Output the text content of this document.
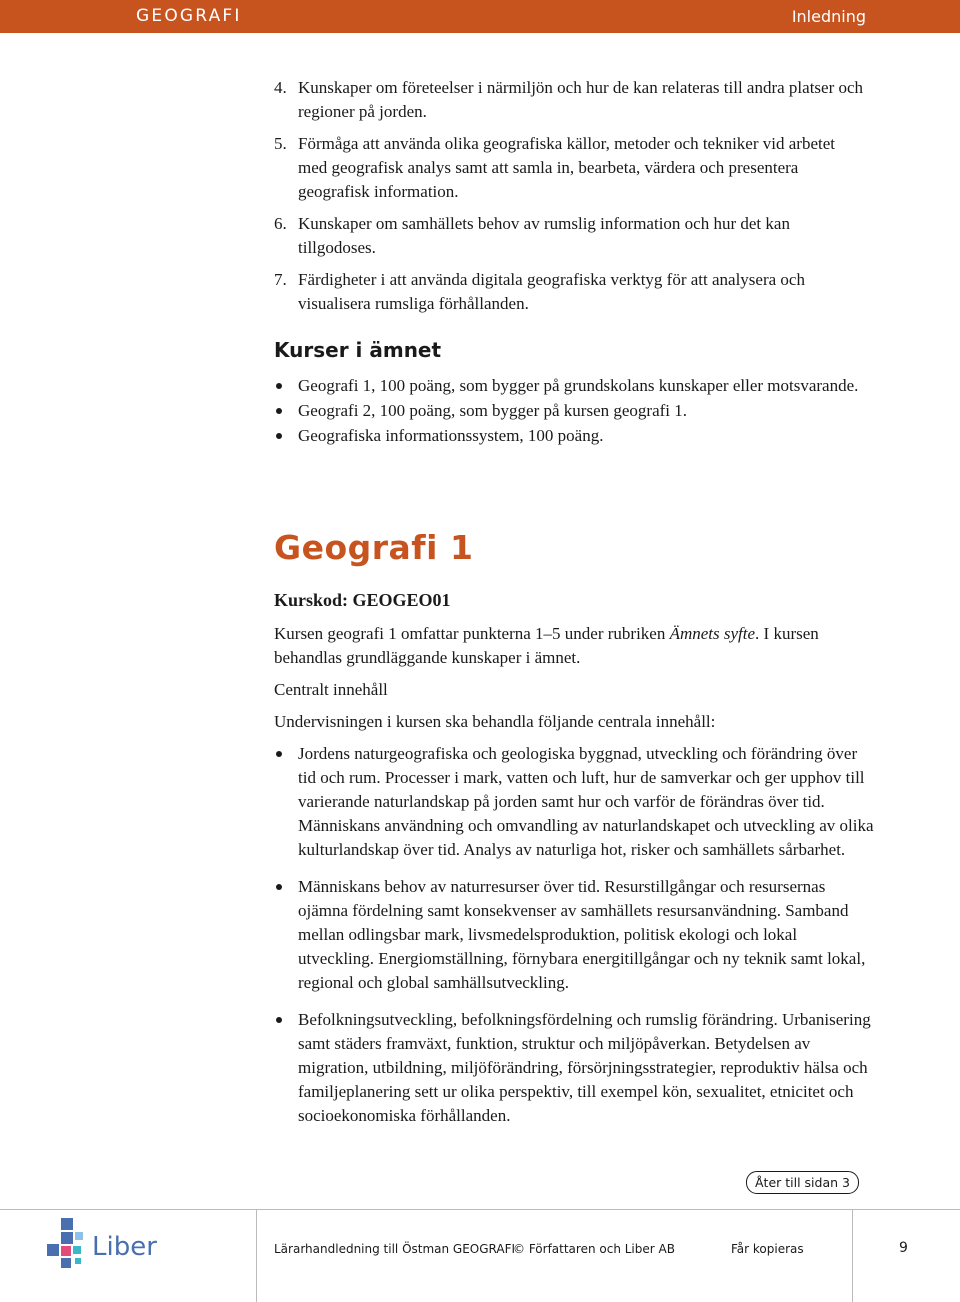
GEOGRAFI	Inledning
4. Kunskaper om företeelser i närmiljön och hur de kan relateras till andra platser och regioner på jorden.
5. Förmåga att använda olika geografiska källor, metoder och tekniker vid arbetet med geografisk analys samt att samla in, bearbeta, värdera och presentera geografisk information.
6. Kunskaper om samhällets behov av rumslig information och hur det kan tillgodoses.
7. Färdigheter i att använda digitala geografiska verktyg för att analysera och visualisera rumsliga förhållanden.
Kurser i ämnet
Geografi 1, 100 poäng, som bygger på grundskolans kunskaper eller motsvarande.
Geografi 2, 100 poäng, som bygger på kursen geografi 1.
Geografiska informationssystem, 100 poäng.
Geografi 1
Kurskod: GEOGEO01
Kursen geografi 1 omfattar punkterna 1–5 under rubriken Ämnets syfte. I kursen behandlas grundläggande kunskaper i ämnet.
Centralt innehåll
Undervisningen i kursen ska behandla följande centrala innehåll:
Jordens naturgeografiska och geologiska byggnad, utveckling och förändring över tid och rum. Processer i mark, vatten och luft, hur de samverkar och ger upphov till varierande naturlandskap på jorden samt hur och varför de förändras över tid. Människans användning och omvandling av naturlandskapet och utveckling av olika kulturlandskap över tid. Analys av naturliga hot, risker och samhällets sårbarhet.
Människans behov av naturresurser över tid. Resurstillgångar och resursernas ojämna fördelning samt konsekvenser av samhällets resursanvändning. Samband mellan odlingsbar mark, livsmedelsproduktion, politisk ekologi och lokal utveckling. Energiomställning, förnybara energitillgångar och ny teknik samt lokal, regional och global samhällsutveckling.
Befolkningsutveckling, befolkningsfördelning och rumslig förändring. Urbanisering samt städers framväxt, funktion, struktur och miljöpåverkan. Betydelsen av migration, utbildning, miljöförändring, försörjningsstrategier, reproduktiv hälsa och familjeplanering sett ur olika perspektiv, till exempel kön, sexualitet, etnicitet och socioekonomiska förhållanden.
Åter till sidan 3
Liber	Lärarhandledning till Östman GEOGRAFI
© Författaren och Liber AB	Får kopieras	9
